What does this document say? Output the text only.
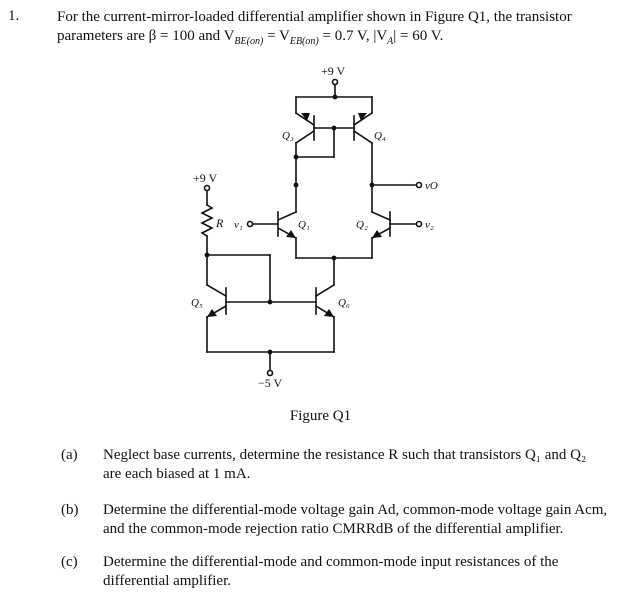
1.	For the current-mirror-loaded differential amplifier shown in Figure Q1, the transistor
parameters are β = 100 and $V_{BE(on)} = V_{EB(on)} = 0.7$ V, $|V_A| = 60$ V.
+9 V
+9 V
−5 V
R v₁	v₂
vO
Q₁	Q₂
Q₃	Q₄
Q₅	Q₆
Figure Q1
(a) Neglect base currents, determine the resistance R such that transistors Q₁ and Q₂
are each biased at 1 mA.
(b) Determine the differential-mode voltage gain Ad, common-mode voltage gain Acm,
and the common-mode rejection ratio CMRRdB of the differential amplifier.
(c) Determine the differential-mode and common-mode input resistances of the
differential amplifier.
